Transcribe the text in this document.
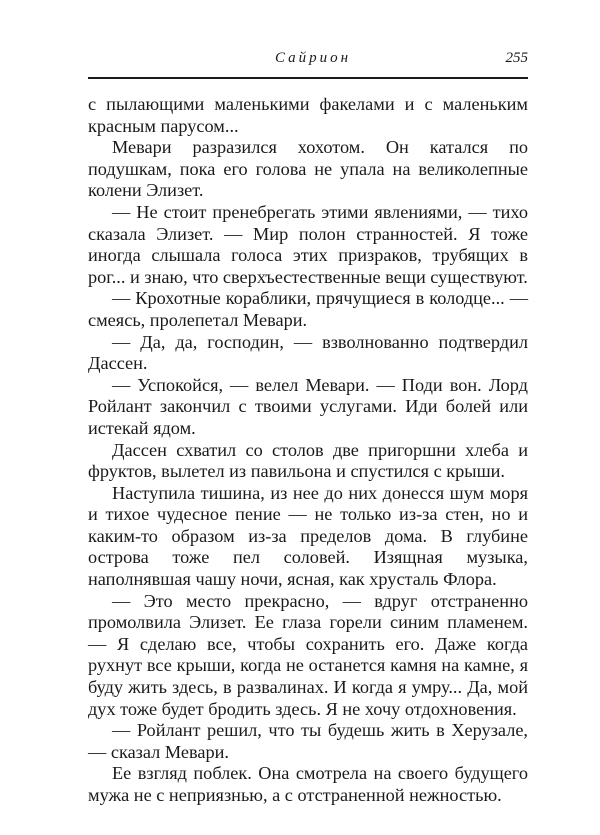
Сайрион	255

с пылающими маленькими факелами и с маленьким красным парусом...

Мевари разразился хохотом. Он катался по подушкам, пока его голова не упала на великолепные колени Элизет.

— Не стоит пренебрегать этими явлениями, — тихо сказала Элизет. — Мир полон странностей. Я тоже иногда слышала голоса этих призраков, трубящих в рог... и знаю, что сверхъестественные вещи существуют.

— Крохотные кораблики, прячущиеся в колодце... — смеясь, пролепетал Мевари.

— Да, да, господин, — взволнованно подтвердил Дассен.

— Успокойся, — велел Мевари. — Поди вон. Лорд Ройлант закончил с твоими услугами. Иди болей или истекай ядом.

Дассен схватил со столов две пригоршни хлеба и фруктов, вылетел из павильона и спустился с крыши.

Наступила тишина, из нее до них донесся шум моря и тихое чудесное пение — не только из-за стен, но и каким-то образом из-за пределов дома. В глубине острова тоже пел соловей. Изящная музыка, наполнявшая чашу ночи, ясная, как хрусталь Флора.

— Это место прекрасно, — вдруг отстраненно промолвила Элизет. Ее глаза горели синим пламенем. — Я сделаю все, чтобы сохранить его. Даже когда рухнут все крыши, когда не останется камня на камне, я буду жить здесь, в развалинах. И когда я умру... Да, мой дух тоже будет бродить здесь. Я не хочу отдохновения.

— Ройлант решил, что ты будешь жить в Херузале, — сказал Мевари.

Ее взгляд поблек. Она смотрела на своего будущего мужа не с неприязнью, а с отстраненной нежностью.
